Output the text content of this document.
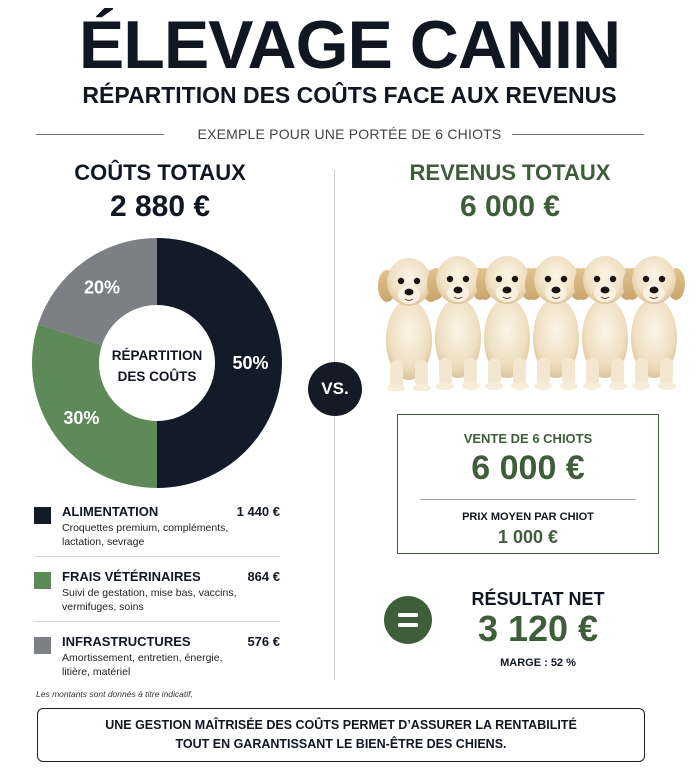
ÉLEVAGE CANIN
RÉPARTITION DES COÛTS FACE AUX REVENUS
EXEMPLE POUR UNE PORTÉE DE 6 CHIOTS
COÛTS TOTAUX
2 880 €
RÉPARTITION
DES COÛTS
50%
30%
20%
VS.
ALIMENTATION	1 440 €
Croquettes premium, compléments, lactation, sevrage
FRAIS VÉTÉRINAIRES	864 €
Suivi de gestation, mise bas, vaccins, vermifuges, soins
INFRASTRUCTURES	576 €
Amortissement, entretien, énergie, litière, matériel
Les montants sont donnés à titre indicatif.
REVENUS TOTAUX
6 000 €
VENTE DE 6 CHIOTS
6 000 €
PRIX MOYEN PAR CHIOT
1 000 €
RÉSULTAT NET
3 120 €
MARGE : 52 %
UNE GESTION MAÎTRISÉE DES COÛTS PERMET D’ASSURER LA RENTABILITÉ
TOUT EN GARANTISSANT LE BIEN-ÊTRE DES CHIENS.
